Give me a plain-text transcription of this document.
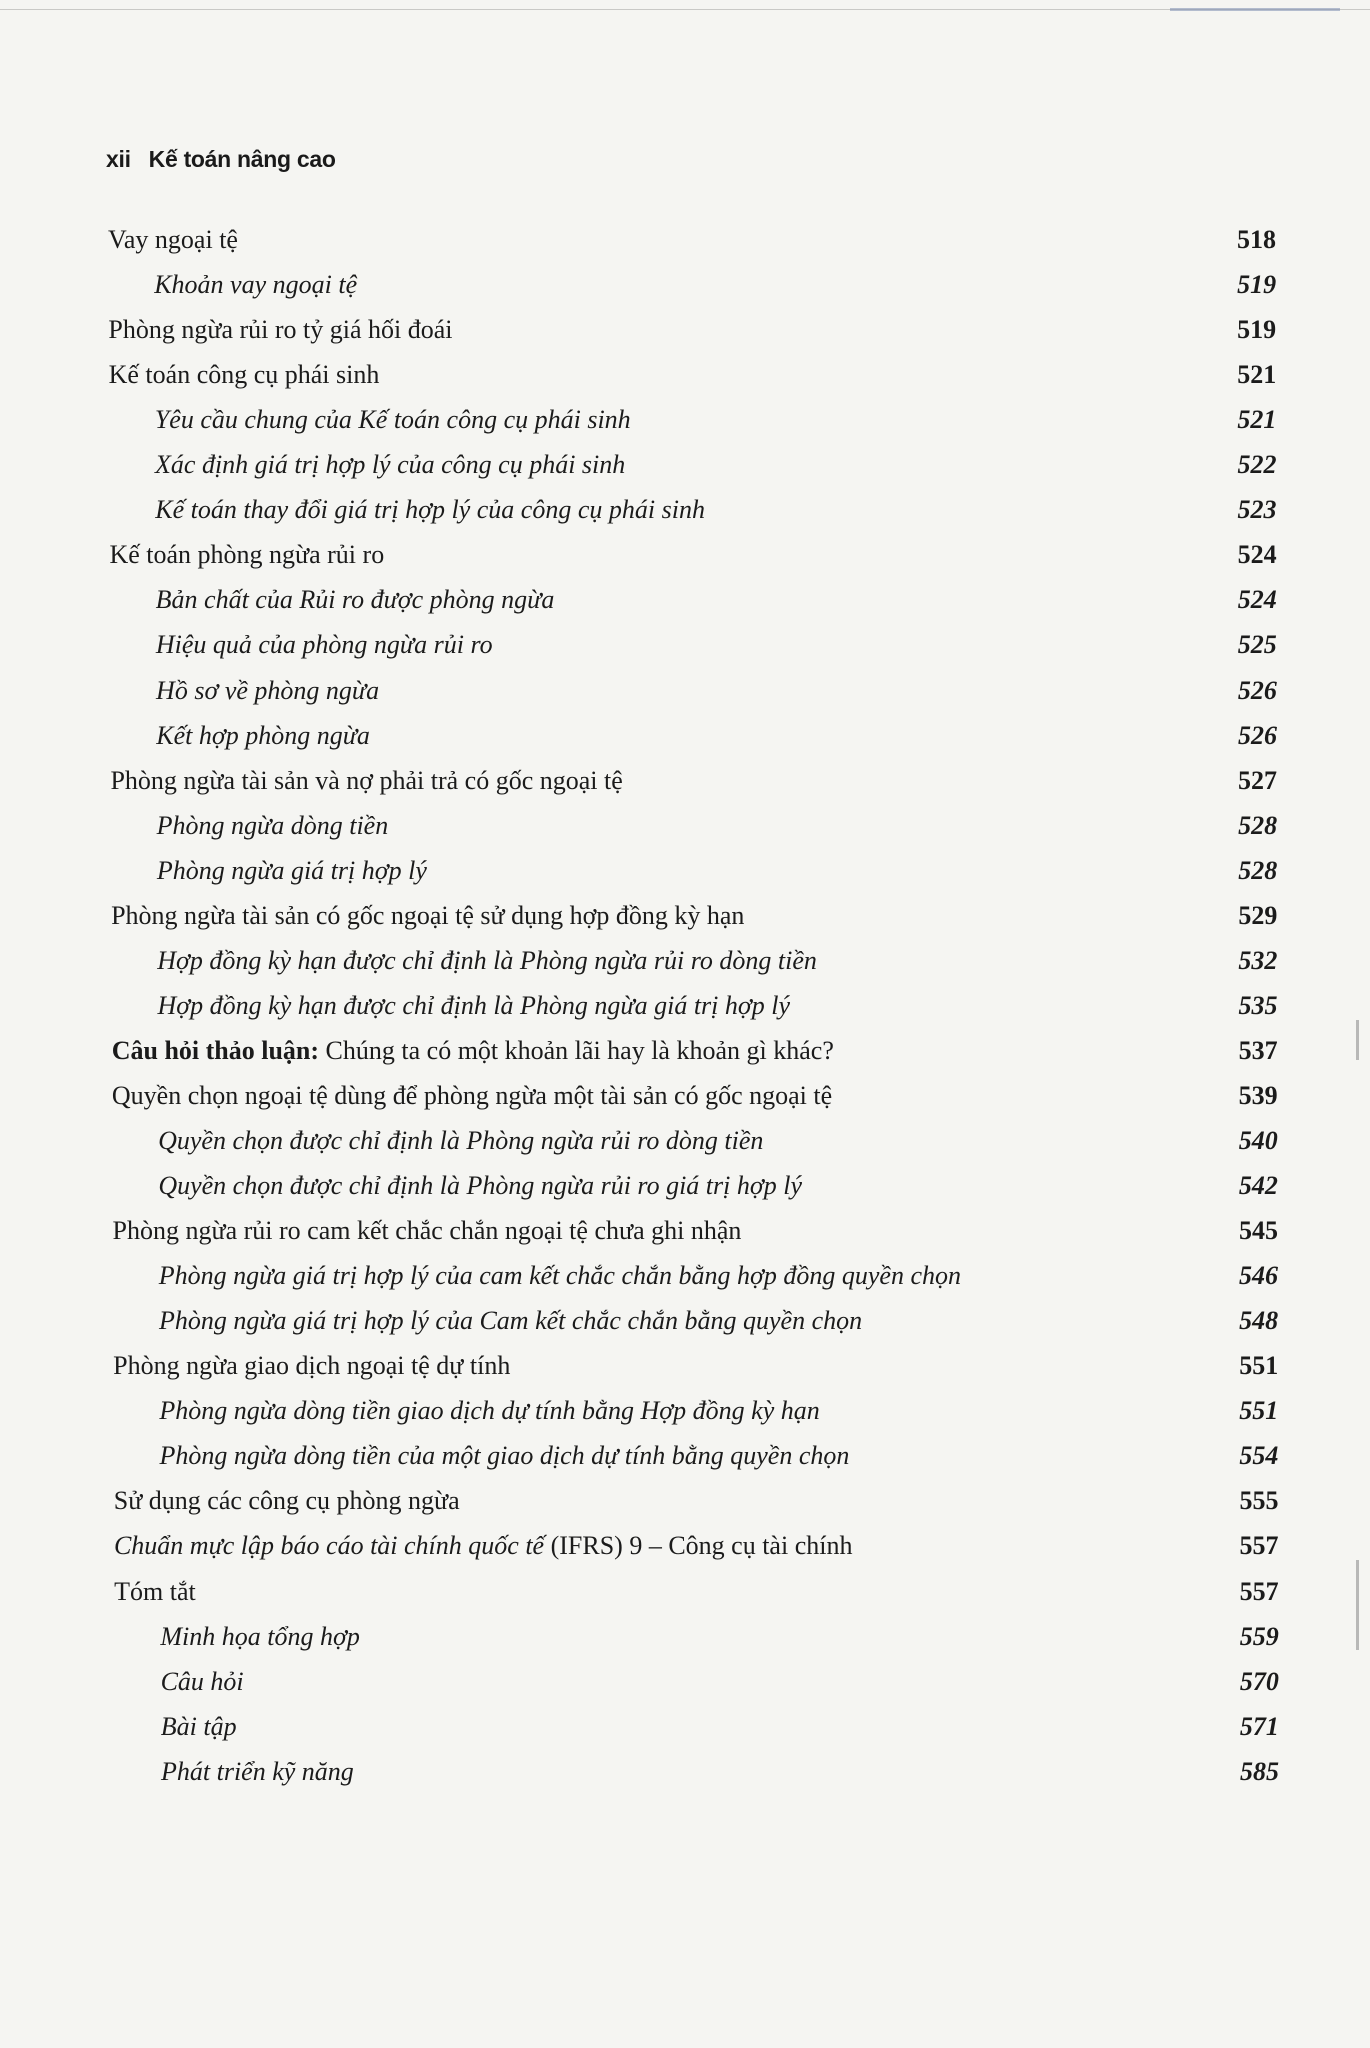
xii Kế toán nâng cao
Vay ngoại tệ	518
Khoản vay ngoại tệ	519
Phòng ngừa rủi ro tỷ giá hối đoái	519
Kế toán công cụ phái sinh	521
Yêu cầu chung của Kế toán công cụ phái sinh	521
Xác định giá trị hợp lý của công cụ phái sinh	522
Kế toán thay đổi giá trị hợp lý của công cụ phái sinh	523
Kế toán phòng ngừa rủi ro	524
Bản chất của Rủi ro được phòng ngừa	524
Hiệu quả của phòng ngừa rủi ro	525
Hồ sơ về phòng ngừa	526
Kết hợp phòng ngừa	526
Phòng ngừa tài sản và nợ phải trả có gốc ngoại tệ	527
Phòng ngừa dòng tiền	528
Phòng ngừa giá trị hợp lý	528
Phòng ngừa tài sản có gốc ngoại tệ sử dụng hợp đồng kỳ hạn	529
Hợp đồng kỳ hạn được chỉ định là Phòng ngừa rủi ro dòng tiền	532
Hợp đồng kỳ hạn được chỉ định là Phòng ngừa giá trị hợp lý	535
Câu hỏi thảo luận: Chúng ta có một khoản lãi hay là khoản gì khác?	537
Quyền chọn ngoại tệ dùng để phòng ngừa một tài sản có gốc ngoại tệ	539
Quyền chọn được chỉ định là Phòng ngừa rủi ro dòng tiền	540
Quyền chọn được chỉ định là Phòng ngừa rủi ro giá trị hợp lý	542
Phòng ngừa rủi ro cam kết chắc chắn ngoại tệ chưa ghi nhận	545
Phòng ngừa giá trị hợp lý của cam kết chắc chắn bằng hợp đồng quyền chọn	546
Phòng ngừa giá trị hợp lý của Cam kết chắc chắn bằng quyền chọn	548
Phòng ngừa giao dịch ngoại tệ dự tính	551
Phòng ngừa dòng tiền giao dịch dự tính bằng Hợp đồng kỳ hạn	551
Phòng ngừa dòng tiền của một giao dịch dự tính bằng quyền chọn	554
Sử dụng các công cụ phòng ngừa	555
Chuẩn mực lập báo cáo tài chính quốc tế (IFRS) 9 – Công cụ tài chính	557
Tóm tắt	557
Minh họa tổng hợp	559
Câu hỏi	570
Bài tập	571
Phát triển kỹ năng	585
